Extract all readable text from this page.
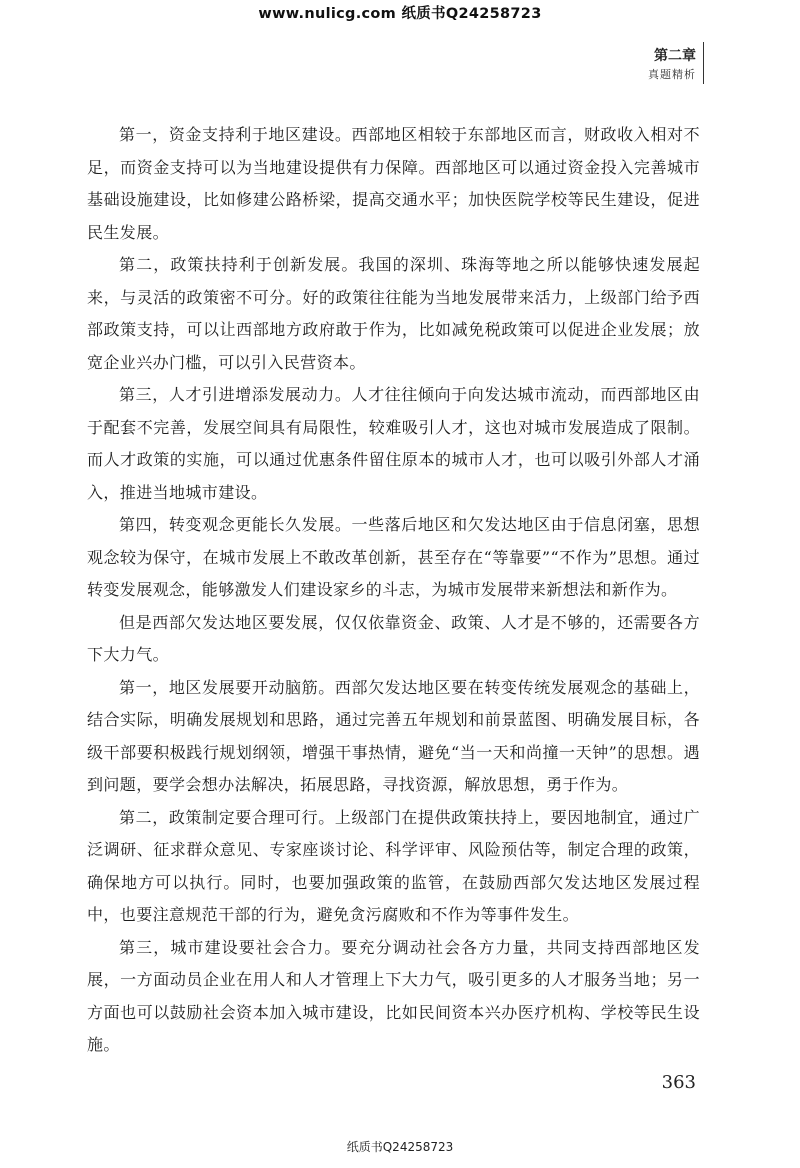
www.nulicg.com 纸质书Q24258723
第二章
真题精析

第一，资金支持利于地区建设。西部地区相较于东部地区而言，财政收入相对不足，而资金支持可以为当地建设提供有力保障。西部地区可以通过资金投入完善城市基础设施建设，比如修建公路桥梁，提高交通水平；加快医院学校等民生建设，促进民生发展。

第二，政策扶持利于创新发展。我国的深圳、珠海等地之所以能够快速发展起来，与灵活的政策密不可分。好的政策往往能为当地发展带来活力，上级部门给予西部政策支持，可以让西部地方政府敢于作为，比如减免税政策可以促进企业发展；放宽企业兴办门槛，可以引入民营资本。

第三，人才引进增添发展动力。人才往往倾向于向发达城市流动，而西部地区由于配套不完善，发展空间具有局限性，较难吸引人才，这也对城市发展造成了限制。而人才政策的实施，可以通过优惠条件留住原本的城市人才，也可以吸引外部人才涌入，推进当地城市建设。

第四，转变观念更能长久发展。一些落后地区和欠发达地区由于信息闭塞，思想观念较为保守，在城市发展上不敢改革创新，甚至存在“等靠要”“不作为”思想。通过转变发展观念，能够激发人们建设家乡的斗志，为城市发展带来新想法和新作为。

但是西部欠发达地区要发展，仅仅依靠资金、政策、人才是不够的，还需要各方下大力气。

第一，地区发展要开动脑筋。西部欠发达地区要在转变传统发展观念的基础上，结合实际，明确发展规划和思路，通过完善五年规划和前景蓝图、明确发展目标，各级干部要积极践行规划纲领，增强干事热情，避免“当一天和尚撞一天钟”的思想。遇到问题，要学会想办法解决，拓展思路，寻找资源，解放思想，勇于作为。

第二，政策制定要合理可行。上级部门在提供政策扶持上，要因地制宜，通过广泛调研、征求群众意见、专家座谈讨论、科学评审、风险预估等，制定合理的政策，确保地方可以执行。同时，也要加强政策的监管，在鼓励西部欠发达地区发展过程中，也要注意规范干部的行为，避免贪污腐败和不作为等事件发生。

第三，城市建设要社会合力。要充分调动社会各方力量，共同支持西部地区发展，一方面动员企业在用人和人才管理上下大力气，吸引更多的人才服务当地；另一方面也可以鼓励社会资本加入城市建设，比如民间资本兴办医疗机构、学校等民生设施。

363
纸质书Q24258723
